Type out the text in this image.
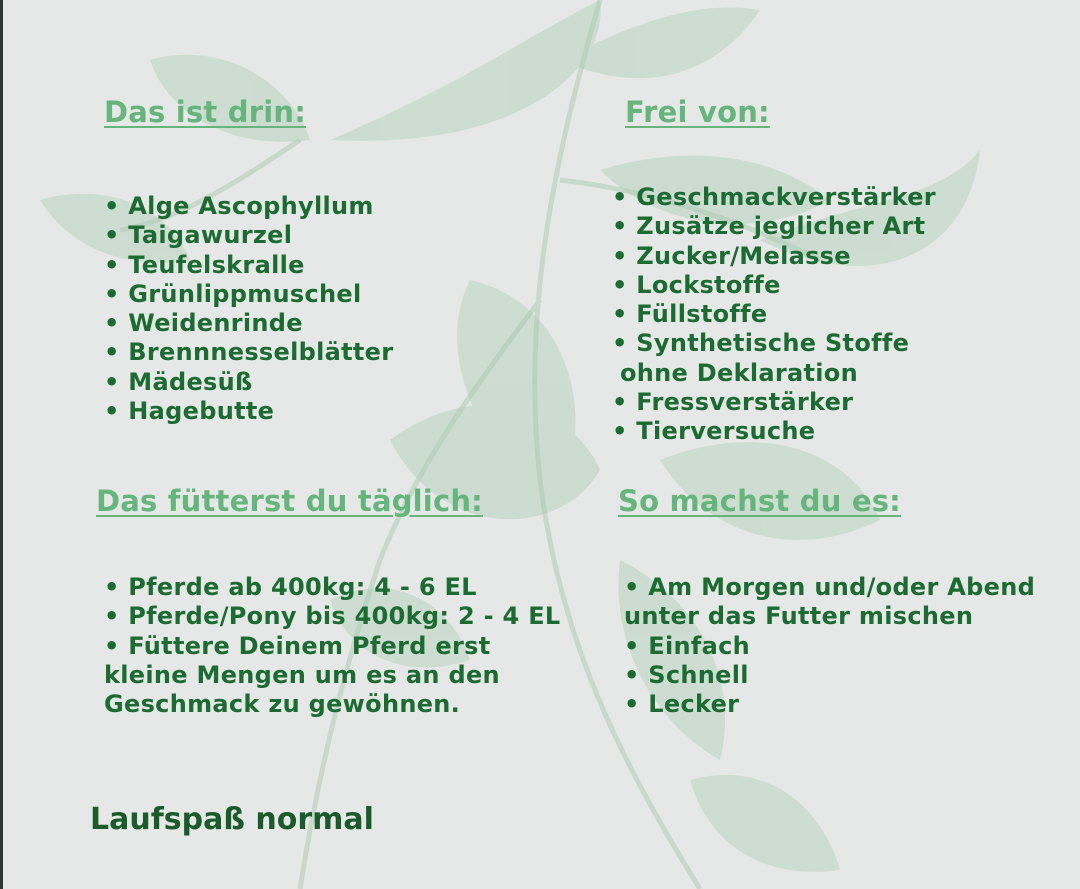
Das ist drin:
• Alge Ascophyllum
• Taigawurzel
• Teufelskralle
• Grünlippmuschel
• Weidenrinde
• Brennnesselblätter
• Mädesüß
• Hagebutte
Frei von:
• Geschmackverstärker
• Zusätze jeglicher Art
• Zucker/Melasse
• Lockstoffe
• Füllstoffe
• Synthetische Stoffe
ohne Deklaration
• Fressverstärker
• Tierversuche
Das fütterst du täglich:
• Pferde ab 400kg: 4 - 6 EL
• Pferde/Pony bis 400kg: 2 - 4 EL
• Füttere Deinem Pferd erst
kleine Mengen um es an den
Geschmack zu gewöhnen.
So machst du es:
• Am Morgen und/oder Abend
unter das Futter mischen
• Einfach
• Schnell
• Lecker
Laufspaß normal
